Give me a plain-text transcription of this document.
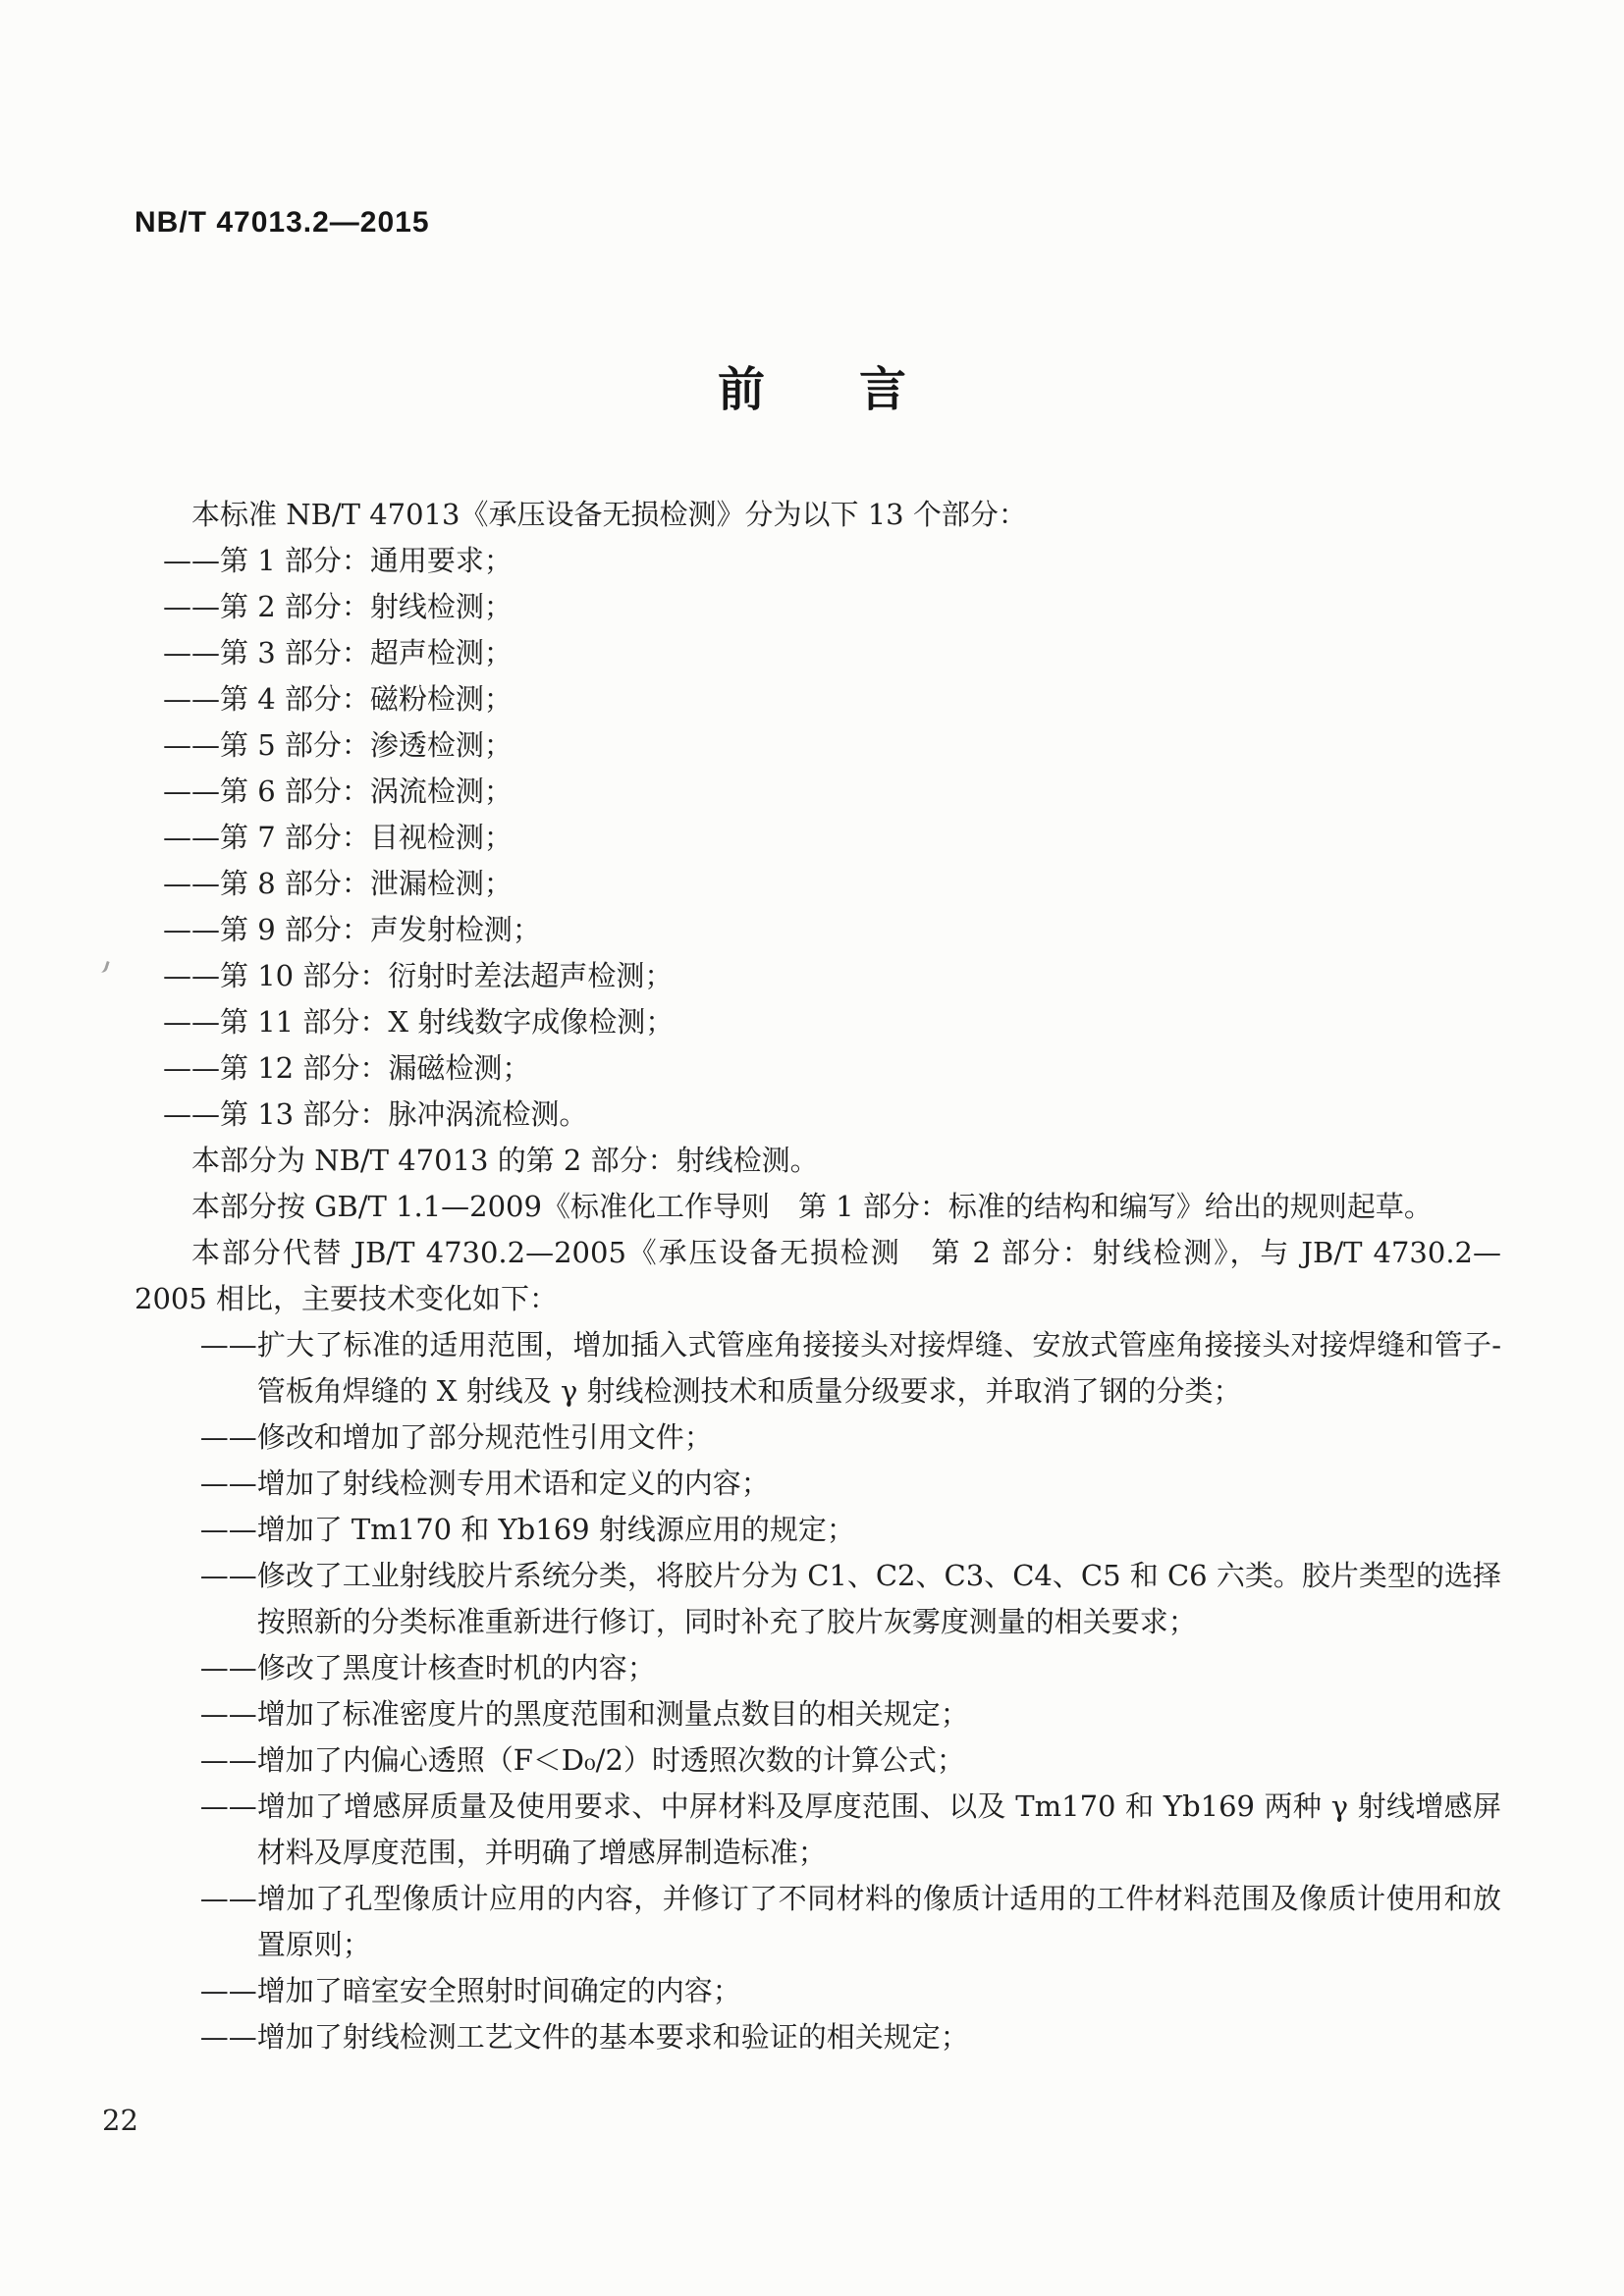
NB/T 47013.2—2015
前　　言

本标准 NB/T 47013《承压设备无损检测》分为以下 13 个部分：

——第 1 部分：通用要求；
——第 2 部分：射线检测；
——第 3 部分：超声检测；
——第 4 部分：磁粉检测；
——第 5 部分：渗透检测；
——第 6 部分：涡流检测；
——第 7 部分：目视检测；
——第 8 部分：泄漏检测；
——第 9 部分：声发射检测；
——第 10 部分：衍射时差法超声检测；
——第 11 部分：X 射线数字成像检测；
——第 12 部分：漏磁检测；
——第 13 部分：脉冲涡流检测。

本部分为 NB/T 47013 的第 2 部分：射线检测。

本部分按 GB/T 1.1—2009《标准化工作导则　第 1 部分：标准的结构和编写》给出的规则起草。

本部分代替 JB/T 4730.2—2005《承压设备无损检测　第 2 部分：射线检测》，与 JB/T 4730.2—2005 相比，主要技术变化如下：

——扩大了标准的适用范围，增加插入式管座角接接头对接焊缝、安放式管座角接接头对接焊缝和管子-管板角焊缝的 X 射线及 γ 射线检测技术和质量分级要求，并取消了钢的分类；
——修改和增加了部分规范性引用文件；
——增加了射线检测专用术语和定义的内容；
——增加了 Tm170 和 Yb169 射线源应用的规定；
——修改了工业射线胶片系统分类，将胶片分为 C1、C2、C3、C4、C5 和 C6 六类。胶片类型的选择按照新的分类标准重新进行修订，同时补充了胶片灰雾度测量的相关要求；
——修改了黑度计核查时机的内容；
——增加了标准密度片的黑度范围和测量点数目的相关规定；
——增加了内偏心透照（F＜D₀/2）时透照次数的计算公式；
——增加了增感屏质量及使用要求、中屏材料及厚度范围、以及 Tm170 和 Yb169 两种 γ 射线增感屏材料及厚度范围，并明确了增感屏制造标准；
——增加了孔型像质计应用的内容，并修订了不同材料的像质计适用的工件材料范围及像质计使用和放置原则；
——增加了暗室安全照射时间确定的内容；
——增加了射线检测工艺文件的基本要求和验证的相关规定；
22
